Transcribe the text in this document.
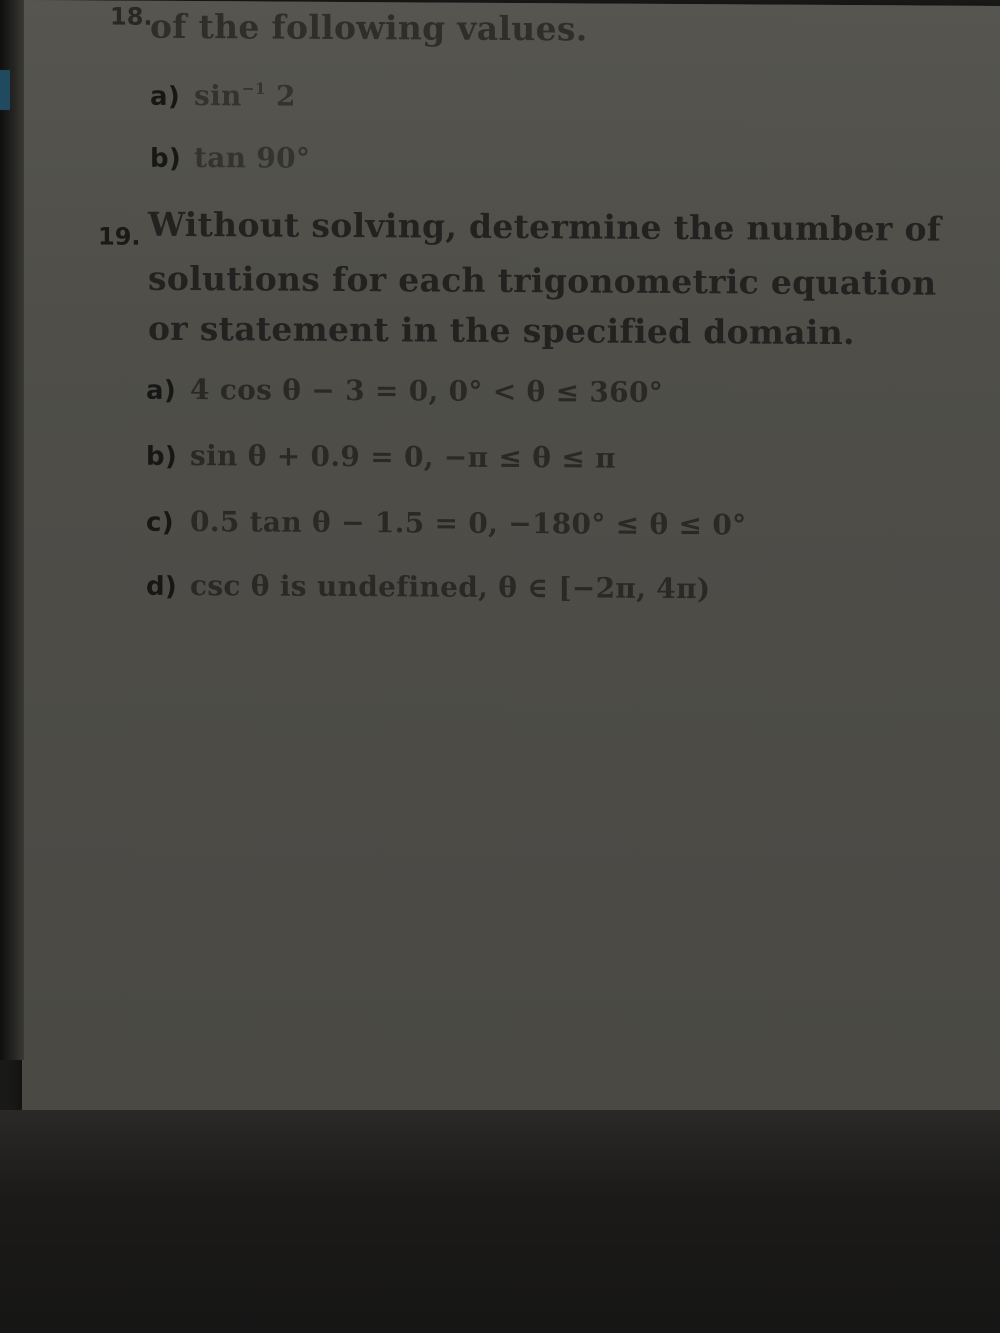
18.
of the following values.
a) $\sin^{-1} 2$
b) tan 90°
19. Without solving, determine the number of
solutions for each trigonometric equation
or statement in the specified domain.
a) 4 cos θ − 3 = 0, 0° < θ ≤ 360°
b) sin θ + 0.9 = 0, −π ≤ θ ≤ π
c) 0.5 tan θ − 1.5 = 0, −180° ≤ θ ≤ 0°
d) csc θ is undefined, θ ∈ [−2π, 4π)
